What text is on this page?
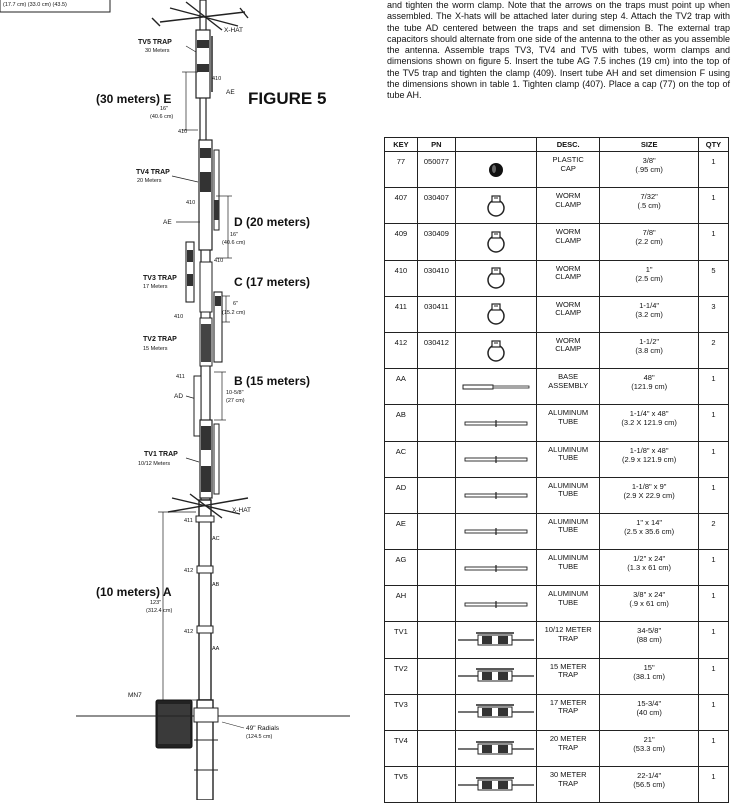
(17.7 cm) (33.0 cm) (43.5)
FIGURE 5
X-HAT
TV5 TRAP
30 Meters
(30 meters) E
16"
(40.6 cm)
410
AE
410
TV4 TRAP
20 Meters
410
D (20 meters)
16"
(40.6 cm)
AE
410
TV3 TRAP
17 Meters	C (17 meters)
6"
(15.2 cm)
410
TV2 TRAP
15 Meters
B (15 meters)
10-5/8"
(27 cm)
411
AD
TV1 TRAP
10/12 Meters
X-HAT
411
AC
412
412
AB
AA
(10 meters) A
123"
(312.4 cm)
MN7
49" Radials
(124.5 cm)

and tighten the worm clamp. Note that the arrows on the traps must point up when assembled. The X-hats will be attached later during step 4. Attach the TV2 trap with the tube AD centered between the traps and set dimension B. The external trap capacitors should alternate from one side of the antenna to the other as you assemble the antenna. Assemble traps TV3, TV4 and TV5 with tubes, worm clamps and dimensions shown on figure 5. Insert the tube AG 7.5 inches (19 cm) into the top of the TV5 trap and tighten the clamp (409). Insert tube AH and set dimension F using the dimensions shown in table 1. Tighten clamp (407). Place a cap (77) on the top of tube AH.

KEY	PN		DESC.	SIZE	QTY
77	050077		PLASTIC
CAP	3/8"
(.95 cm)	1
407	030407		WORM
CLAMP	7/32"
(.5 cm)	1
409	030409		WORM
CLAMP	7/8"
(2.2 cm)	1
410	030410		WORM
CLAMP	1"
(2.5 cm)	5
411	030411		WORM
CLAMP	1-1/4"
(3.2 cm)	3
412	030412		WORM
CLAMP	1-1/2"
(3.8 cm)	2
AA			BASE
ASSEMBLY	48"
(121.9 cm)	1
AB			ALUMINUM
TUBE	1-1/4" x 48"
(3.2 X 121.9 cm)	1
AC			ALUMINUM
TUBE	1-1/8" x 48"
(2.9 x 121.9 cm)	1
AD			ALUMINUM
TUBE	1-1/8" x 9"
(2.9 X 22.9 cm)	1
AE			ALUMINUM
TUBE	1" x 14"
(2.5 x 35.6 cm)	2
AG			ALUMINUM
TUBE	1/2" x 24"
(1.3 x 61 cm)	1
AH			ALUMINUM
TUBE	3/8" x 24"
(.9 x 61 cm)	1
TV1			10/12 METER
TRAP	34-5/8"
(88 cm)	1
TV2			15 METER
TRAP	15"
(38.1 cm)	1
TV3			17 METER
TRAP	15-3/4"
(40 cm)	1
TV4			20 METER
TRAP	21"
(53.3 cm)	1
TV5			30 METER
TRAP	22-1/4"
(56.5 cm)	1
